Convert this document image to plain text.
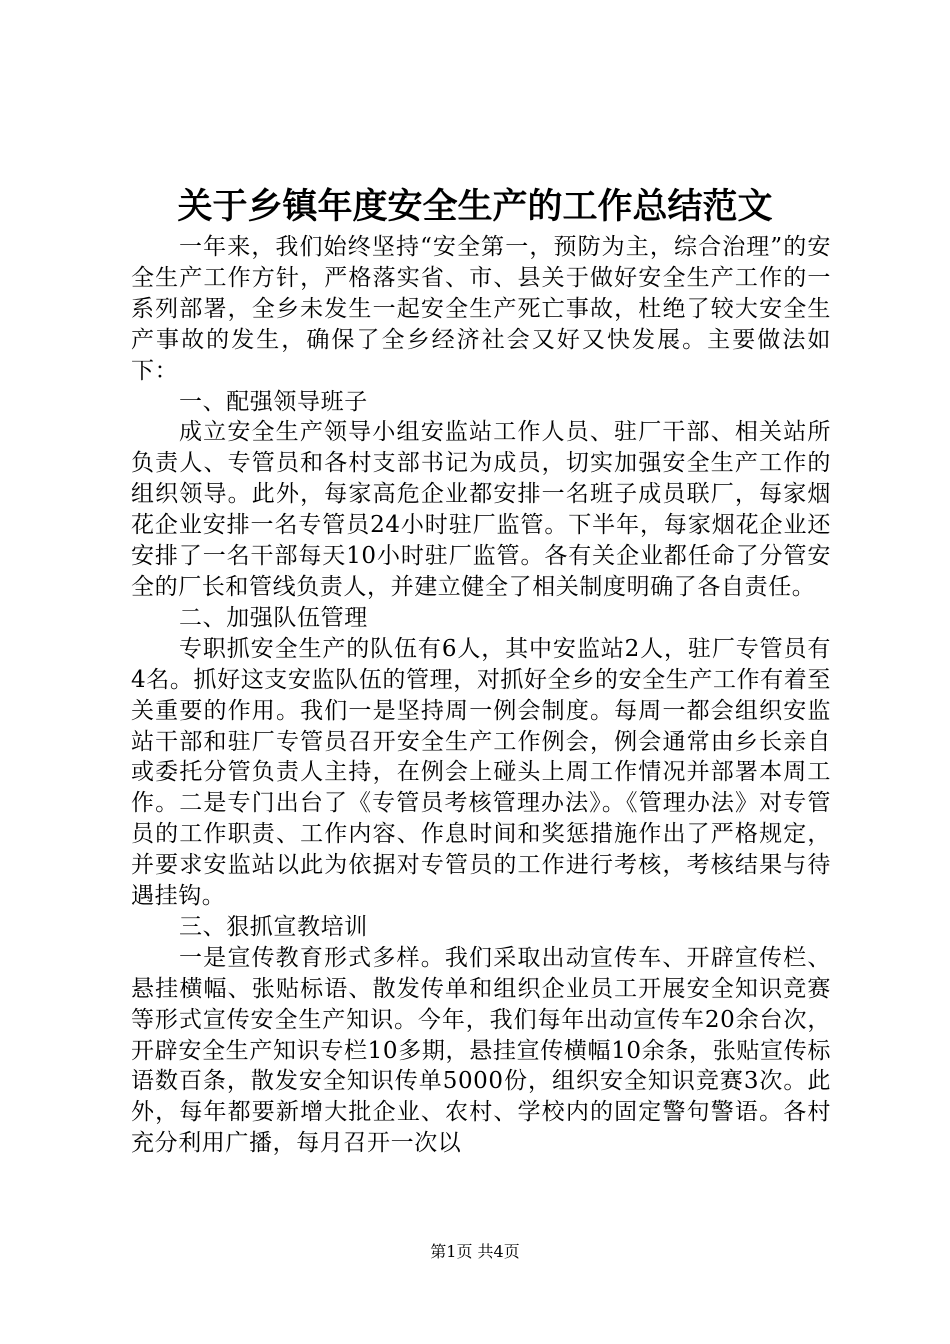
关于乡镇年度安全生产的工作总结范文

一年来，我们始终坚持“安全第一，预防为主，综合治理”的安全生产工作方针，严格落实省、市、县关于做好安全生产工作的一系列部署，全乡未发生一起安全生产死亡事故，杜绝了较大安全生产事故的发生，确保了全乡经济社会又好又快发展。主要做法如下：

一、配强领导班子

成立安全生产领导小组安监站工作人员、驻厂干部、相关站所负责人、专管员和各村支部书记为成员，切实加强安全生产工作的组织领导。此外，每家高危企业都安排一名班子成员联厂，每家烟花企业安排一名专管员24小时驻厂监管。下半年，每家烟花企业还安排了一名干部每天10小时驻厂监管。各有关企业都任命了分管安全的厂长和管线负责人，并建立健全了相关制度明确了各自责任。

二、加强队伍管理

专职抓安全生产的队伍有6人，其中安监站2人，驻厂专管员有4名。抓好这支安监队伍的管理，对抓好全乡的安全生产工作有着至关重要的作用。我们一是坚持周一例会制度。每周一都会组织安监站干部和驻厂专管员召开安全生产工作例会，例会通常由乡长亲自或委托分管负责人主持，在例会上碰头上周工作情况并部署本周工作。二是专门出台了《专管员考核管理办法》。《管理办法》对专管员的工作职责、工作内容、作息时间和奖惩措施作出了严格规定，并要求安监站以此为依据对专管员的工作进行考核，考核结果与待遇挂钩。

三、狠抓宣教培训

一是宣传教育形式多样。我们采取出动宣传车、开辟宣传栏、悬挂横幅、张贴标语、散发传单和组织企业员工开展安全知识竞赛等形式宣传安全生产知识。今年，我们每年出动宣传车20余台次，开辟安全生产知识专栏10多期，悬挂宣传横幅10余条，张贴宣传标语数百条，散发安全知识传单5000份，组织安全知识竞赛3次。此外，每年都要新增大批企业、农村、学校内的固定警句警语。各村充分利用广播，每月召开一次以

第1页 共4页
